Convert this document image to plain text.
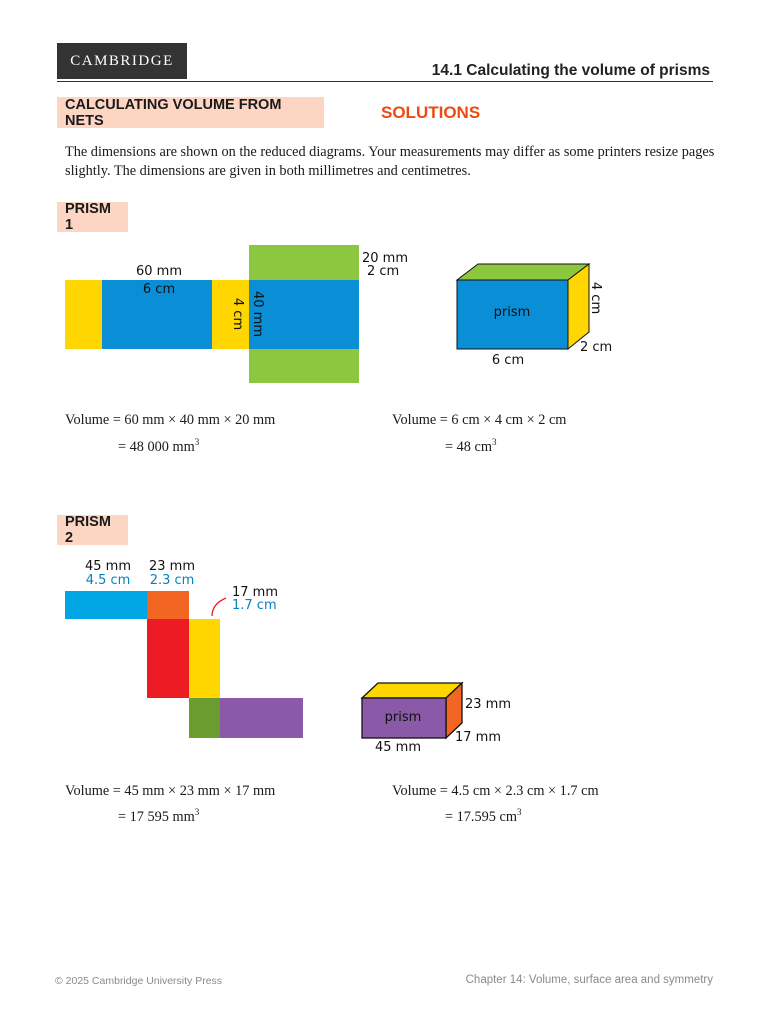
CAMBRIDGE
14.1 Calculating the volume of prisms
CALCULATING VOLUME FROM NETS	SOLUTIONS

The dimensions are shown on the reduced diagrams. Your measurements may differ as some printers resize pages slightly. The dimensions are given in both millimetres and centimetres.

PRISM 1
60 mm
6 cm
4 cm 40 mm
20 mm
2 cm
prism	4 cm
2 cm
6 cm
Volume = 60 mm × 40 mm × 20 mm
= 48 000 $mm^3$
Volume = 6 cm × 4 cm × 2 cm
= 48 $cm^3$
PRISM 2
45 mm
4.5 cm
23 mm
2.3 cm
17 mm
1.7 cm
prism
23 mm
17 mm
45 mm
Volume = 45 mm × 23 mm × 17 mm
= 17 595 $mm^3$
Volume = 4.5 cm × 2.3 cm × 1.7 cm
= 17.595 $cm^3$
© 2025 Cambridge University Press	Chapter 14: Volume, surface area and symmetry
